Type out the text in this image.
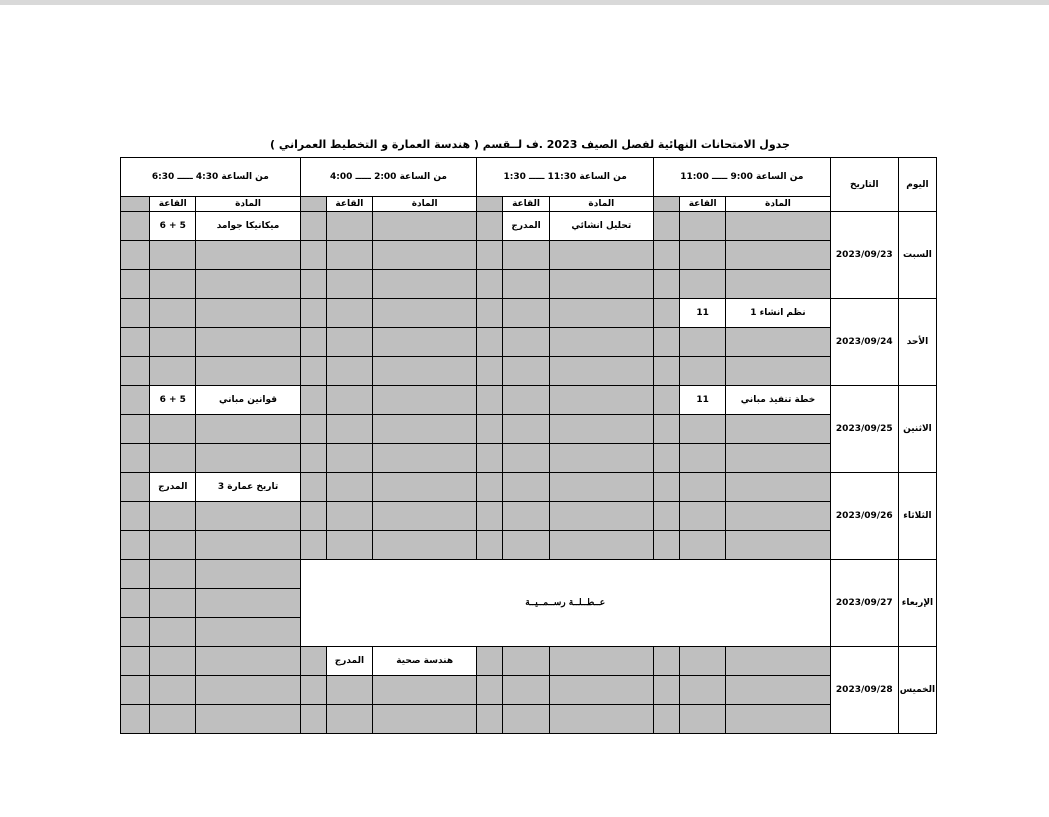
جدول الامتحانات النهائية لفصل الصيف 2023 .ف لــقسم ( هندسة العمارة و التخطيط العمراني )
اليوم	التاريخ	من الساعة 9:00 ـــــ 11:00			من الساعة 11:30 ـــــ 1:30			من الساعة 2:00 ـــــ 4:00			من الساعة 4:30 ـــــ 6:30		
		المادة	القاعة		المادة	القاعة		المادة	القاعة		المادة	القاعة	
السبت	2023/09/23				تحليل انشائي	المدرج					ميكانيكا جوامد	5 + 6	

الأحد	2023/09/24	نظم انشاء 1	11										

الاثنين	2023/09/25	خطة تنفيذ مباني	11								قوانين مباني	5 + 6	

الثلاثاء	2023/09/26										تاريخ عمارة 3	المدرج	

الإربعاء	2023/09/27	عــطــلــة رســمــيــة											

الخميس	2023/09/28							هندسة صحية	المدرج				
